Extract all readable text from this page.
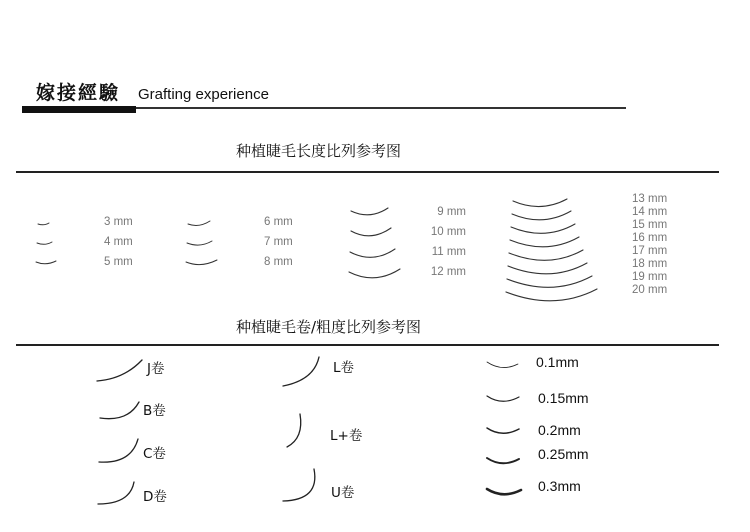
嫁接經驗 Grafting experience
种植睫毛长度比列参考图
3 mm
4 mm
5 mm
6 mm
7 mm
8 mm
9 mm
10 mm
11 mm
12 mm
13 mm
14 mm
15 mm
16 mm
17 mm
18 mm
19 mm
20 mm
种植睫毛卷/粗度比列参考图
J卷
B卷
C卷
D卷
L卷
L+卷
U卷
0.1mm
0.15mm
0.2mm
0.25mm
0.3mm
